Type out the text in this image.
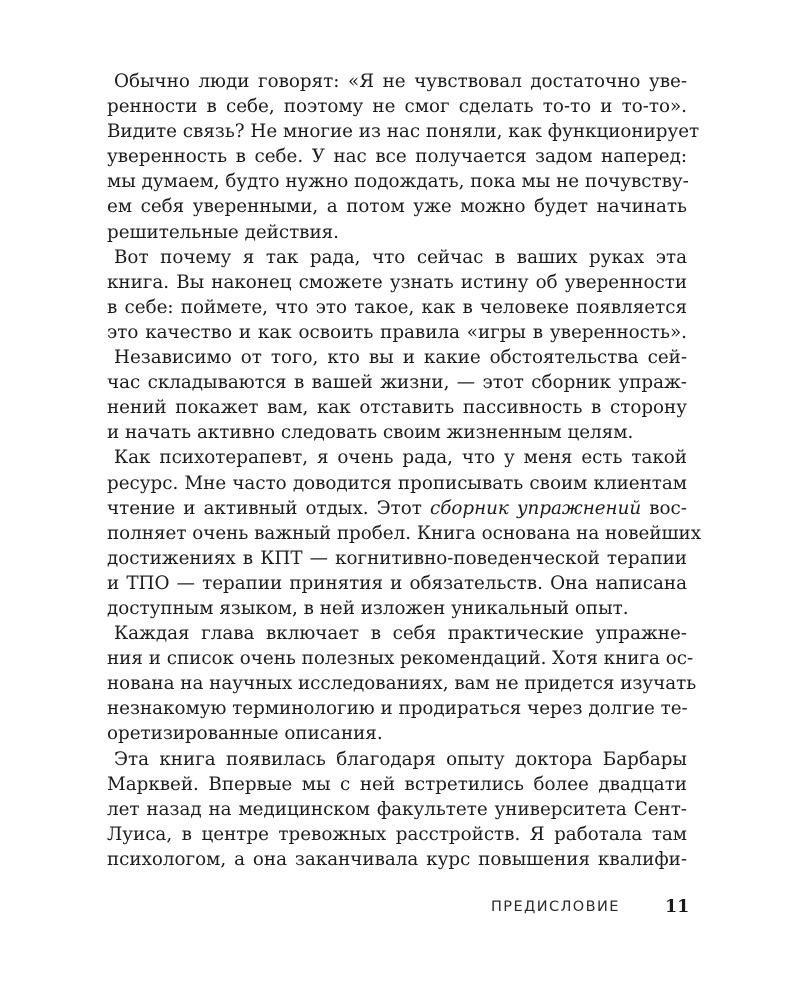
Обычно люди говорят: «Я не чувствовал достаточно уве-
ренности в себе, поэтому не смог сделать то-то и то-то».
Видите связь? Не многие из нас поняли, как функционирует
уверенность в себе. У нас все получается задом наперед:
мы думаем, будто нужно подождать, пока мы не почувству-
ем себя уверенными, а потом уже можно будет начинать
решительные действия.
Вот почему я так рада, что сейчас в ваших руках эта
книга. Вы наконец сможете узнать истину об уверенности
в себе: поймете, что это такое, как в человеке появляется
это качество и как освоить правила «игры в уверенность».
Независимо от того, кто вы и какие обстоятельства сей-
час складываются в вашей жизни, — этот сборник упраж-
нений покажет вам, как отставить пассивность в сторону
и начать активно следовать своим жизненным целям.
Как психотерапевт, я очень рада, что у меня есть такой
ресурс. Мне часто доводится прописывать своим клиентам
чтение и активный отдых. Этот сборник упражнений вос-
полняет очень важный пробел. Книга основана на новейших
достижениях в КПТ — когнитивно-поведенческой терапии
и ТПО — терапии принятия и обязательств. Она написана
доступным языком, в ней изложен уникальный опыт.
Каждая глава включает в себя практические упражне-
ния и список очень полезных рекомендаций. Хотя книга ос-
нована на научных исследованиях, вам не придется изучать
незнакомую терминологию и продираться через долгие те-
оретизированные описания.
Эта книга появилась благодаря опыту доктора Барбары
Марквей. Впервые мы с ней встретились более двадцати
лет назад на медицинском факультете университета Сент-
Луиса, в центре тревожных расстройств. Я работала там
психологом, а она заканчивала курс повышения квалифи-
ПРЕДИСЛОВИЕ	11
